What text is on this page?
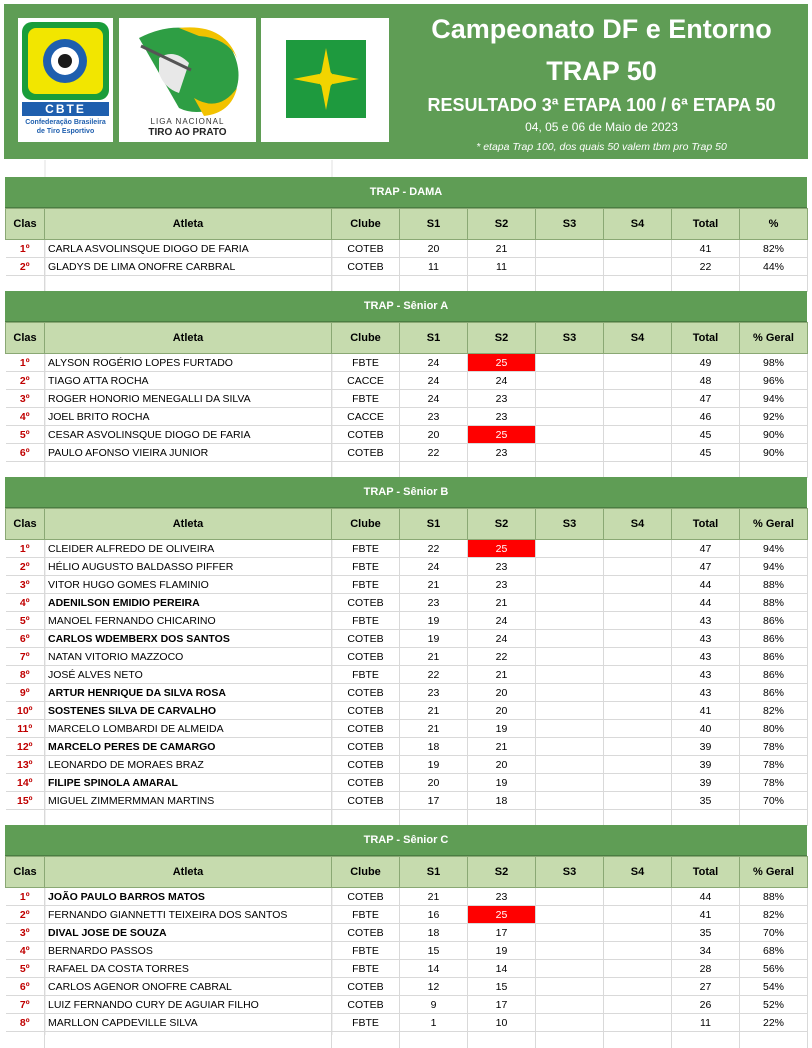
CBTE
Confederação Brasileira
de Tiro Esportivo
LIGA NACIONAL
TIRO AO PRATO
Campeonato DF e Entorno
TRAP 50
RESULTADO 3ª ETAPA 100 / 6ª ETAPA 50
04, 05 e 06 de Maio de 2023
* etapa Trap 100, dos quais 50 valem tbm pro Trap 50
TRAP - DAMA
Clas	Atleta	Clube	S1	S2	S3	S4	Total	%
1º	CARLA ASVOLINSQUE DIOGO DE FARIA	COTEB	20	21			41	82%
2º	GLADYS DE LIMA ONOFRE CARBRAL	COTEB	11	11			22	44%

TRAP - Sênior A
Clas	Atleta	Clube	S1	S2	S3	S4	Total	% Geral
1º	ALYSON ROGÉRIO LOPES FURTADO	FBTE	24	25			49	98%
2º	TIAGO ATTA ROCHA	CACCE	24	24			48	96%
3º	ROGER HONORIO MENEGALLI DA SILVA	FBTE	24	23			47	94%
4º	JOEL BRITO ROCHA	CACCE	23	23			46	92%
5º	CESAR ASVOLINSQUE DIOGO DE FARIA	COTEB	20	25			45	90%
6º	PAULO AFONSO VIEIRA JUNIOR	COTEB	22	23			45	90%

TRAP - Sênior B
Clas	Atleta	Clube	S1	S2	S3	S4	Total	% Geral
1º	CLEIDER ALFREDO DE OLIVEIRA	FBTE	22	25			47	94%
2º	HÉLIO AUGUSTO BALDASSO PIFFER	FBTE	24	23			47	94%
3º	VITOR HUGO GOMES FLAMINIO	FBTE	21	23			44	88%
4º	ADENILSON EMIDIO PEREIRA	COTEB	23	21			44	88%
5º	MANOEL FERNANDO CHICARINO	FBTE	19	24			43	86%
6º	CARLOS WDEMBERX DOS SANTOS	COTEB	19	24			43	86%
7º	NATAN VITORIO MAZZOCO	COTEB	21	22			43	86%
8º	JOSÉ ALVES NETO	FBTE	22	21			43	86%
9º	ARTUR HENRIQUE DA SILVA ROSA	COTEB	23	20			43	86%
10º	SOSTENES SILVA DE CARVALHO	COTEB	21	20			41	82%
11º	MARCELO LOMBARDI DE ALMEIDA	COTEB	21	19			40	80%
12º	MARCELO PERES DE CAMARGO	COTEB	18	21			39	78%
13º	LEONARDO DE MORAES BRAZ	COTEB	19	20			39	78%
14º	FILIPE SPINOLA AMARAL	COTEB	20	19			39	78%
15º	MIGUEL ZIMMERMMAN MARTINS	COTEB	17	18			35	70%

TRAP - Sênior C
Clas	Atleta	Clube	S1	S2	S3	S4	Total	% Geral
1º	JOÃO PAULO BARROS MATOS	COTEB	21	23			44	88%
2º	FERNANDO GIANNETTI TEIXEIRA DOS SANTOS	FBTE	16	25			41	82%
3º	DIVAL JOSE DE SOUZA	COTEB	18	17			35	70%
4º	BERNARDO PASSOS	FBTE	15	19			34	68%
5º	RAFAEL DA COSTA TORRES	FBTE	14	14			28	56%
6º	CARLOS AGENOR ONOFRE CABRAL	COTEB	12	15			27	54%
7º	LUIZ FERNANDO CURY DE AGUIAR FILHO	COTEB	9	17			26	52%
8º	MARLLON CAPDEVILLE SILVA	FBTE	1	10			11	22%
